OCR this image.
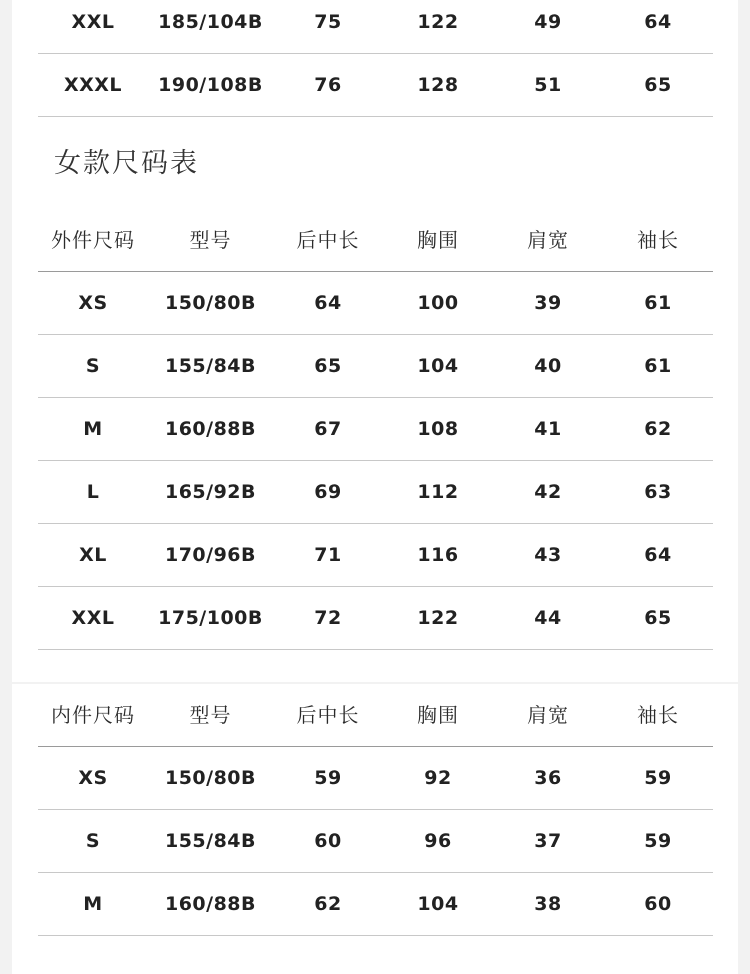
XXL	185/104B	75	122	49	64
XXXL	190/108B	76	128	51	65
女款尺码表
外件尺码	型号	后中长	胸围	肩宽	袖长
XS	150/80B	64	100	39	61
S	155/84B	65	104	40	61
M	160/88B	67	108	41	62
L	165/92B	69	112	42	63
XL	170/96B	71	116	43	64
XXL	175/100B	72	122	44	65
内件尺码	型号	后中长	胸围	肩宽	袖长
XS	150/80B	59	92	36	59
S	155/84B	60	96	37	59
M	160/88B	62	104	38	60
